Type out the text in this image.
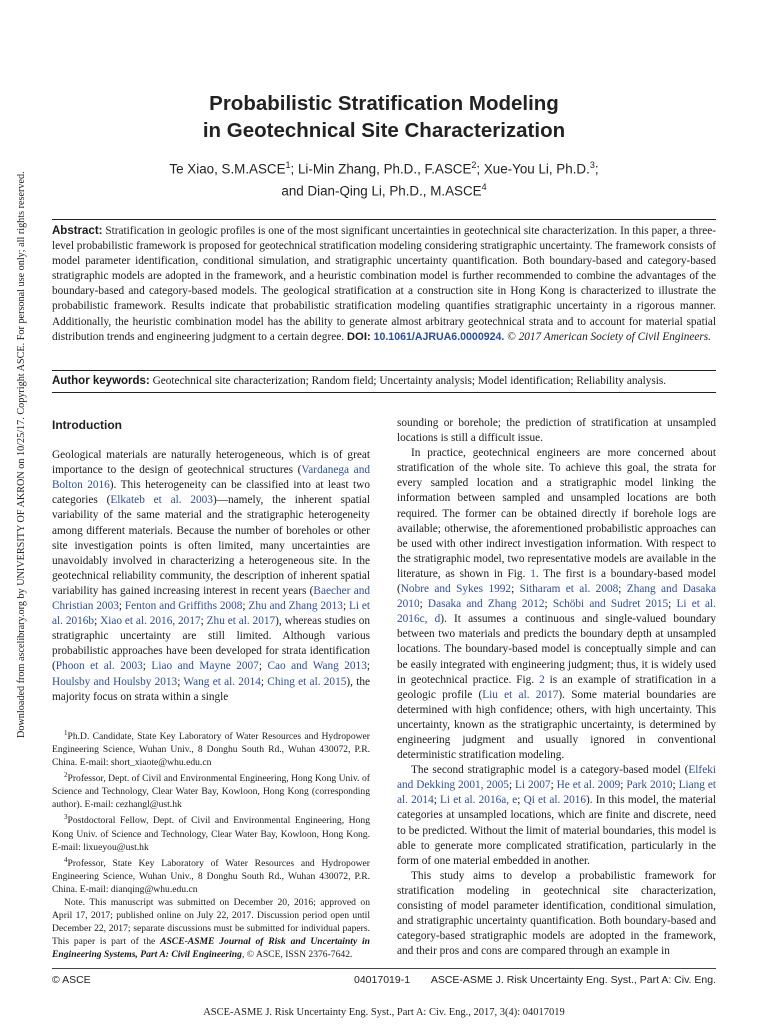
Downloaded from ascelibrary.org by UNIVERSITY OF AKRON on 10/25/17. Copyright ASCE. For personal use only; all rights reserved.
Probabilistic Stratification Modeling
in Geotechnical Site Characterization
Te Xiao, S.M.ASCE$^1$; Li-Min Zhang, Ph.D., F.ASCE$^2$; Xue-You Li, Ph.D.$^3$;
and Dian-Qing Li, Ph.D., M.ASCE$^4$
Abstract: Stratification in geologic profiles is one of the most significant uncertainties in geotechnical site characterization. In this paper, a three-level probabilistic framework is proposed for geotechnical stratification modeling considering stratigraphic uncertainty. The framework consists of model parameter identification, conditional simulation, and stratigraphic uncertainty quantification. Both boundary-based and category-based stratigraphic models are adopted in the framework, and a heuristic combination model is further recommended to combine the advantages of the boundary-based and category-based models. The geological stratification at a construction site in Hong Kong is characterized to illustrate the probabilistic framework. Results indicate that probabilistic stratification modeling quantifies stratigraphic uncertainty in a rigorous manner. Additionally, the heuristic combination model has the ability to generate almost arbitrary geotechnical strata and to account for material spatial distribution trends and engineering judgment to a certain degree. DOI: 10.1061/AJRUA6.0000924. © 2017 American Society of Civil Engineers.
Author keywords: Geotechnical site characterization; Random field; Uncertainty analysis; Model identification; Reliability analysis.
Introduction

Geological materials are naturally heterogeneous, which is of great importance to the design of geotechnical structures (Vardanega and Bolton 2016). This heterogeneity can be classified into at least two categories (Elkateb et al. 2003)—namely, the inherent spatial variability of the same material and the stratigraphic heterogeneity among different materials. Because the number of boreholes or other site investigation points is often limited, many uncertainties are unavoidably involved in characterizing a heterogeneous site. In the geotechnical reliability community, the description of inherent spatial variability has gained increasing interest in recent years (Baecher and Christian 2003; Fenton and Griffiths 2008; Zhu and Zhang 2013; Li et al. 2016b; Xiao et al. 2016, 2017; Zhu et al. 2017), whereas studies on stratigraphic uncertainty are still limited. Although various probabilistic approaches have been developed for strata identification (Phoon et al. 2003; Liao and Mayne 2007; Cao and Wang 2013; Houlsby and Houlsby 2013; Wang et al. 2014; Ching et al. 2015), the majority focus on strata within a single

$^1$Ph.D. Candidate, State Key Laboratory of Water Resources and Hydropower Engineering Science, Wuhan Univ., 8 Donghu South Rd., Wuhan 430072, P.R. China. E-mail: short_xiaote@whu.edu.cn

$^2$Professor, Dept. of Civil and Environmental Engineering, Hong Kong Univ. of Science and Technology, Clear Water Bay, Kowloon, Hong Kong (corresponding author). E-mail: cezhangl@ust.hk

$^3$Postdoctoral Fellow, Dept. of Civil and Environmental Engineering, Hong Kong Univ. of Science and Technology, Clear Water Bay, Kowloon, Hong Kong. E-mail: lixueyou@ust.hk

$^4$Professor, State Key Laboratory of Water Resources and Hydropower Engineering Science, Wuhan Univ., 8 Donghu South Rd., Wuhan 430072, P.R. China. E-mail: dianqing@whu.edu.cn

Note. This manuscript was submitted on December 20, 2016; approved on April 17, 2017; published online on July 22, 2017. Discussion period open until December 22, 2017; separate discussions must be submitted for individual papers. This paper is part of the ASCE-ASME Journal of Risk and Uncertainty in Engineering Systems, Part A: Civil Engineering, © ASCE, ISSN 2376-7642.

sounding or borehole; the prediction of stratification at unsampled locations is still a difficult issue.

In practice, geotechnical engineers are more concerned about stratification of the whole site. To achieve this goal, the strata for every sampled location and a stratigraphic model linking the information between sampled and unsampled locations are both required. The former can be obtained directly if borehole logs are available; otherwise, the aforementioned probabilistic approaches can be used with other indirect investigation information. With respect to the stratigraphic model, two representative models are available in the literature, as shown in Fig. 1. The first is a boundary-based model (Nobre and Sykes 1992; Sitharam et al. 2008; Zhang and Dasaka 2010; Dasaka and Zhang 2012; Schöbi and Sudret 2015; Li et al. 2016c, d). It assumes a continuous and single-valued boundary between two materials and predicts the boundary depth at unsampled locations. The boundary-based model is conceptually simple and can be easily integrated with engineering judgment; thus, it is widely used in geotechnical practice. Fig. 2 is an example of stratification in a geologic profile (Liu et al. 2017). Some material boundaries are determined with high confidence; others, with high uncertainty. This uncertainty, known as the stratigraphic uncertainty, is determined by engineering judgment and usually ignored in conventional deterministic stratification modeling.

The second stratigraphic model is a category-based model (Elfeki and Dekking 2001, 2005; Li 2007; He et al. 2009; Park 2010; Liang et al. 2014; Li et al. 2016a, e; Qi et al. 2016). In this model, the material categories at unsampled locations, which are finite and discrete, need to be predicted. Without the limit of material boundaries, this model is able to generate more complicated stratification, particularly in the form of one material embedded in another.

This study aims to develop a probabilistic framework for stratification modeling in geotechnical site characterization, consisting of model parameter identification, conditional simulation, and stratigraphic uncertainty quantification. Both boundary-based and category-based stratigraphic models are adopted in the framework, and their pros and cons are compared through an example in

© ASCE	04017019-1 ASCE-ASME J. Risk Uncertainty Eng. Syst., Part A: Civ. Eng.
ASCE-ASME J. Risk Uncertainty Eng. Syst., Part A: Civ. Eng., 2017, 3(4): 04017019
